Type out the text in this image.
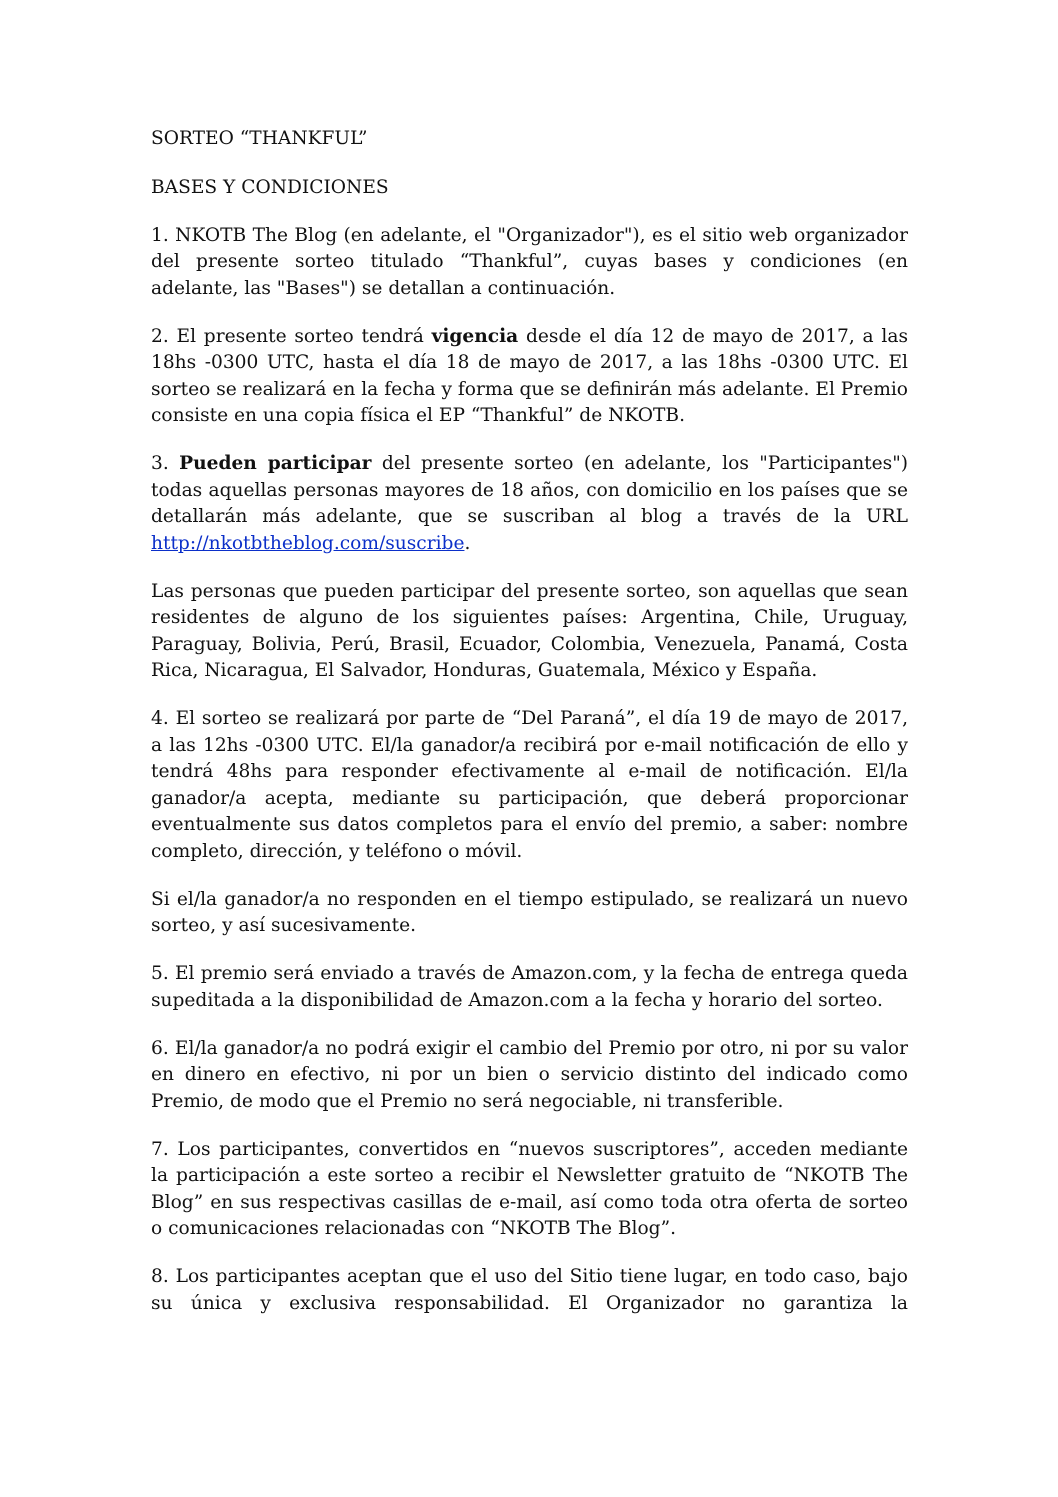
SORTEO “THANKFUL”

BASES Y CONDICIONES

1. NKOTB The Blog (en adelante, el "Organizador"), es el sitio web organizador del presente sorteo titulado “Thankful”, cuyas bases y condiciones (en adelante, las "Bases") se detallan a continuación.

2. El presente sorteo tendrá vigencia desde el día 12 de mayo de 2017, a las 18hs -0300 UTC, hasta el día 18 de mayo de 2017, a las 18hs -0300 UTC. El sorteo se realizará en la fecha y forma que se definirán más adelante. El Premio consiste en una copia física el EP “Thankful” de NKOTB.

3. Pueden participar del presente sorteo (en adelante, los "Participantes") todas aquellas personas mayores de 18 años, con domicilio en los países que se detallarán más adelante, que se suscriban al blog a través de la URL http://nkotbtheblog.com/suscribe.

Las personas que pueden participar del presente sorteo, son aquellas que sean residentes de alguno de los siguientes países: Argentina, Chile, Uruguay, Paraguay, Bolivia, Perú, Brasil, Ecuador, Colombia, Venezuela, Panamá, Costa Rica, Nicaragua, El Salvador, Honduras, Guatemala, México y España.

4. El sorteo se realizará por parte de “Del Paraná”, el día 19 de mayo de 2017, a las 12hs -0300 UTC. El/la ganador/a recibirá por e-mail notificación de ello y tendrá 48hs para responder efectivamente al e-mail de notificación. El/la ganador/a acepta, mediante su participación, que deberá proporcionar eventualmente sus datos completos para el envío del premio, a saber: nombre completo, dirección, y teléfono o móvil.

Si el/la ganador/a no responden en el tiempo estipulado, se realizará un nuevo sorteo, y así sucesivamente.

5. El premio será enviado a través de Amazon.com, y la fecha de entrega queda supeditada a la disponibilidad de Amazon.com a la fecha y horario del sorteo.

6. El/la ganador/a no podrá exigir el cambio del Premio por otro, ni por su valor en dinero en efectivo, ni por un bien o servicio distinto del indicado como Premio, de modo que el Premio no será negociable, ni transferible.

7. Los participantes, convertidos en “nuevos suscriptores”, acceden mediante la participación a este sorteo a recibir el Newsletter gratuito de “NKOTB The Blog” en sus respectivas casillas de e-mail, así como toda otra oferta de sorteo o comunicaciones relacionadas con “NKOTB The Blog”.

8. Los participantes aceptan que el uso del Sitio tiene lugar, en todo caso, bajo su única y exclusiva responsabilidad. El Organizador no garantiza la
